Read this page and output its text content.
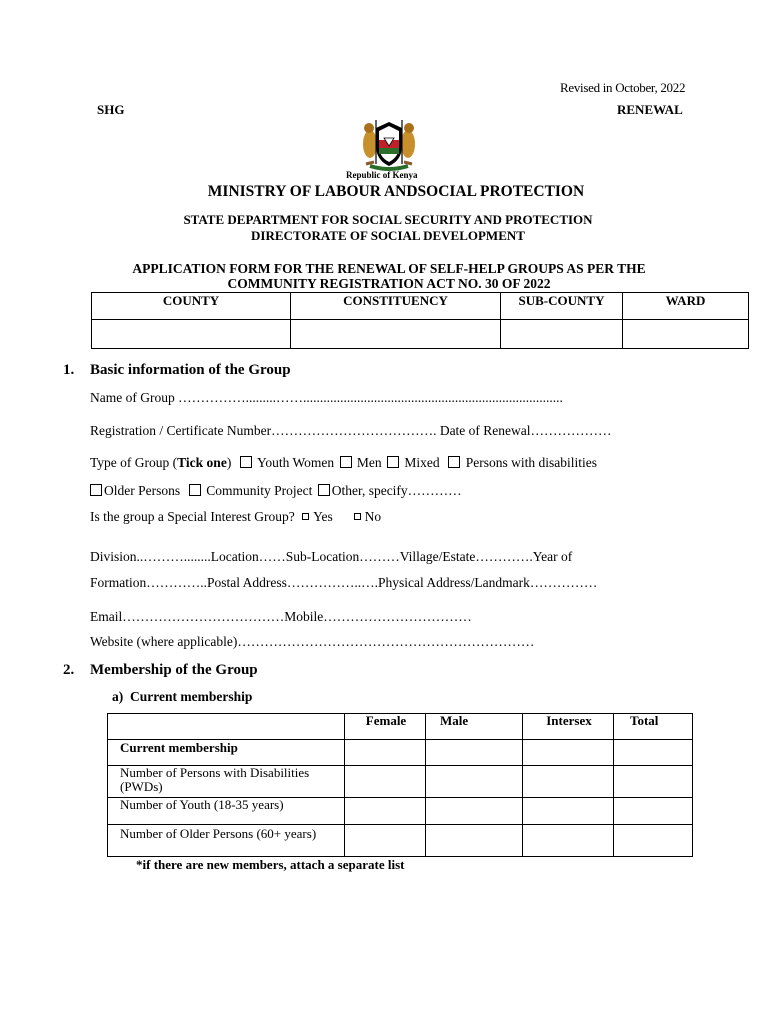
Revised in October, 2022
SHG	RENEWAL
Republic of Kenya
MINISTRY OF LABOUR ANDSOCIAL PROTECTION
STATE DEPARTMENT FOR SOCIAL SECURITY AND PROTECTION
DIRECTORATE OF SOCIAL DEVELOPMENT
APPLICATION FORM FOR THE RENEWAL OF SELF-HELP GROUPS AS PER THE
COMMUNITY REGISTRATION ACT NO. 30 OF 2022
COUNTY	CONSTITUENCY	SUB-COUNTY	WARD

1. Basic information of the Group
Name of Group …………….........…….............................................................................
Registration / Certificate Number………………………………. Date of Renewal………………
Type of Group (Tick one) Youth Women Men Mixed Persons with disabilities
Older Persons Community Project Other, specify…………
Is the group a Special Interest Group? Yes No
Division..………........Location……Sub-Location………Village/Estate………….Year of
Formation…………..Postal Address……………..….Physical Address/Landmark……………
Email………………………………Mobile……………………………
Website (where applicable)…………………………………………………………
2. Membership of the Group
a) Current membership
	Female	Male	Intersex	Total
Current membership				
Number of Persons with Disabilities (PWDs)				
Number of Youth (18-35 years)				
Number of Older Persons (60+ years)				
*if there are new members, attach a separate list
